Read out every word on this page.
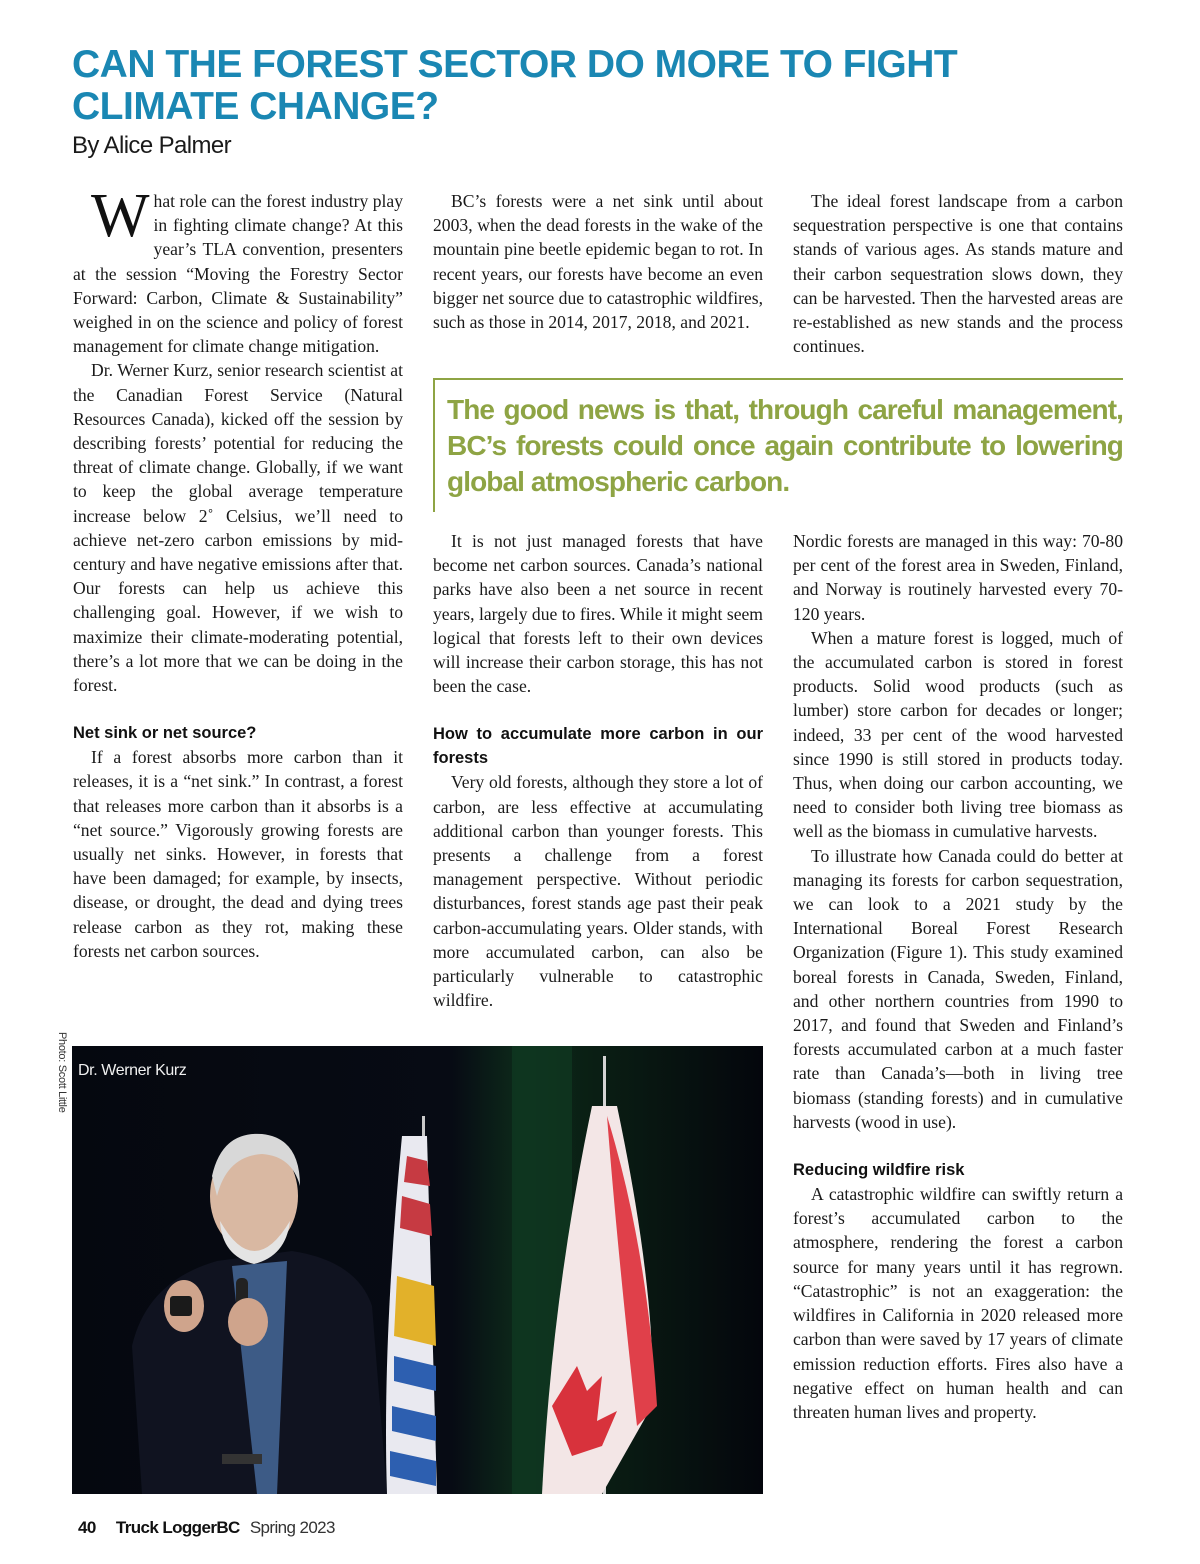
CAN THE FOREST SECTOR DO MORE TO FIGHT CLIMATE CHANGE?
By Alice Palmer

What role can the forest industry play in fighting climate change? At this year’s TLA convention, presenters at the session “Moving the Forestry Sector Forward: Carbon, Climate & Sustainability” weighed in on the science and policy of forest management for climate change mitigation.

Dr. Werner Kurz, senior research scientist at the Canadian Forest Service (Natural Resources Canada), kicked off the session by describing forests’ potential for reducing the threat of climate change. Globally, if we want to keep the global average temperature increase below 2˚ Celsius, we’ll need to achieve net-zero carbon emissions by mid-century and have negative emissions after that. Our forests can help us achieve this challenging goal. However, if we wish to maximize their climate-moderating potential, there’s a lot more that we can be doing in the forest.

Net sink or net source?

If a forest absorbs more carbon than it releases, it is a “net sink.” In contrast, a forest that releases more carbon than it absorbs is a “net source.” Vigorously growing forests are usually net sinks. However, in forests that have been damaged; for example, by insects, disease, or drought, the dead and dying trees release carbon as they rot, making these forests net carbon sources.

BC’s forests were a net sink until about 2003, when the dead forests in the wake of the mountain pine beetle epidemic began to rot. In recent years, our forests have become an even bigger net source due to catastrophic wildfires, such as those in 2014, 2017, 2018, and 2021.

The ideal forest landscape from a carbon sequestration perspective is one that contains stands of various ages. As stands mature and their carbon sequestration slows down, they can be harvested. Then the harvested areas are re-established as new stands and the process continues.

The good news is that, through careful management, BC’s forests could once again contribute to lowering global atmospheric carbon.

It is not just managed forests that have become net carbon sources. Canada’s national parks have also been a net source in recent years, largely due to fires. While it might seem logical that forests left to their own devices will increase their carbon storage, this has not been the case.

How to accumulate more carbon in our forests

Very old forests, although they store a lot of carbon, are less effective at accumulating additional carbon than younger forests. This presents a challenge from a forest management perspective. Without periodic disturbances, forest stands age past their peak carbon-accumulating years. Older stands, with more accumulated carbon, can also be particularly vulnerable to catastrophic wildfire.

Nordic forests are managed in this way: 70-80 per cent of the forest area in Sweden, Finland, and Norway is routinely harvested every 70-120 years.

When a mature forest is logged, much of the accumulated carbon is stored in forest products. Solid wood products (such as lumber) store carbon for decades or longer; indeed, 33 per cent of the wood harvested since 1990 is still stored in products today. Thus, when doing our carbon accounting, we need to consider both living tree biomass as well as the biomass in cumulative harvests.

To illustrate how Canada could do better at managing its forests for carbon sequestration, we can look to a 2021 study by the International Boreal Forest Research Organization (Figure 1). This study examined boreal forests in Canada, Sweden, Finland, and other northern countries from 1990 to 2017, and found that Sweden and Finland’s forests accumulated carbon at a much faster rate than Canada’s—both in living tree biomass (standing forests) and in cumulative harvests (wood in use).

Reducing wildfire risk

A catastrophic wildfire can swiftly return a forest’s accumulated carbon to the atmosphere, rendering the forest a carbon source for many years until it has regrown. “Catastrophic” is not an exaggeration: the wildfires in California in 2020 released more carbon than were saved by 17 years of climate emission reduction efforts. Fires also have a negative effect on human health and can threaten human lives and property.

Photo: Scott Little Dr. Werner Kurz
40 Truck LoggerBC Spring 2023
